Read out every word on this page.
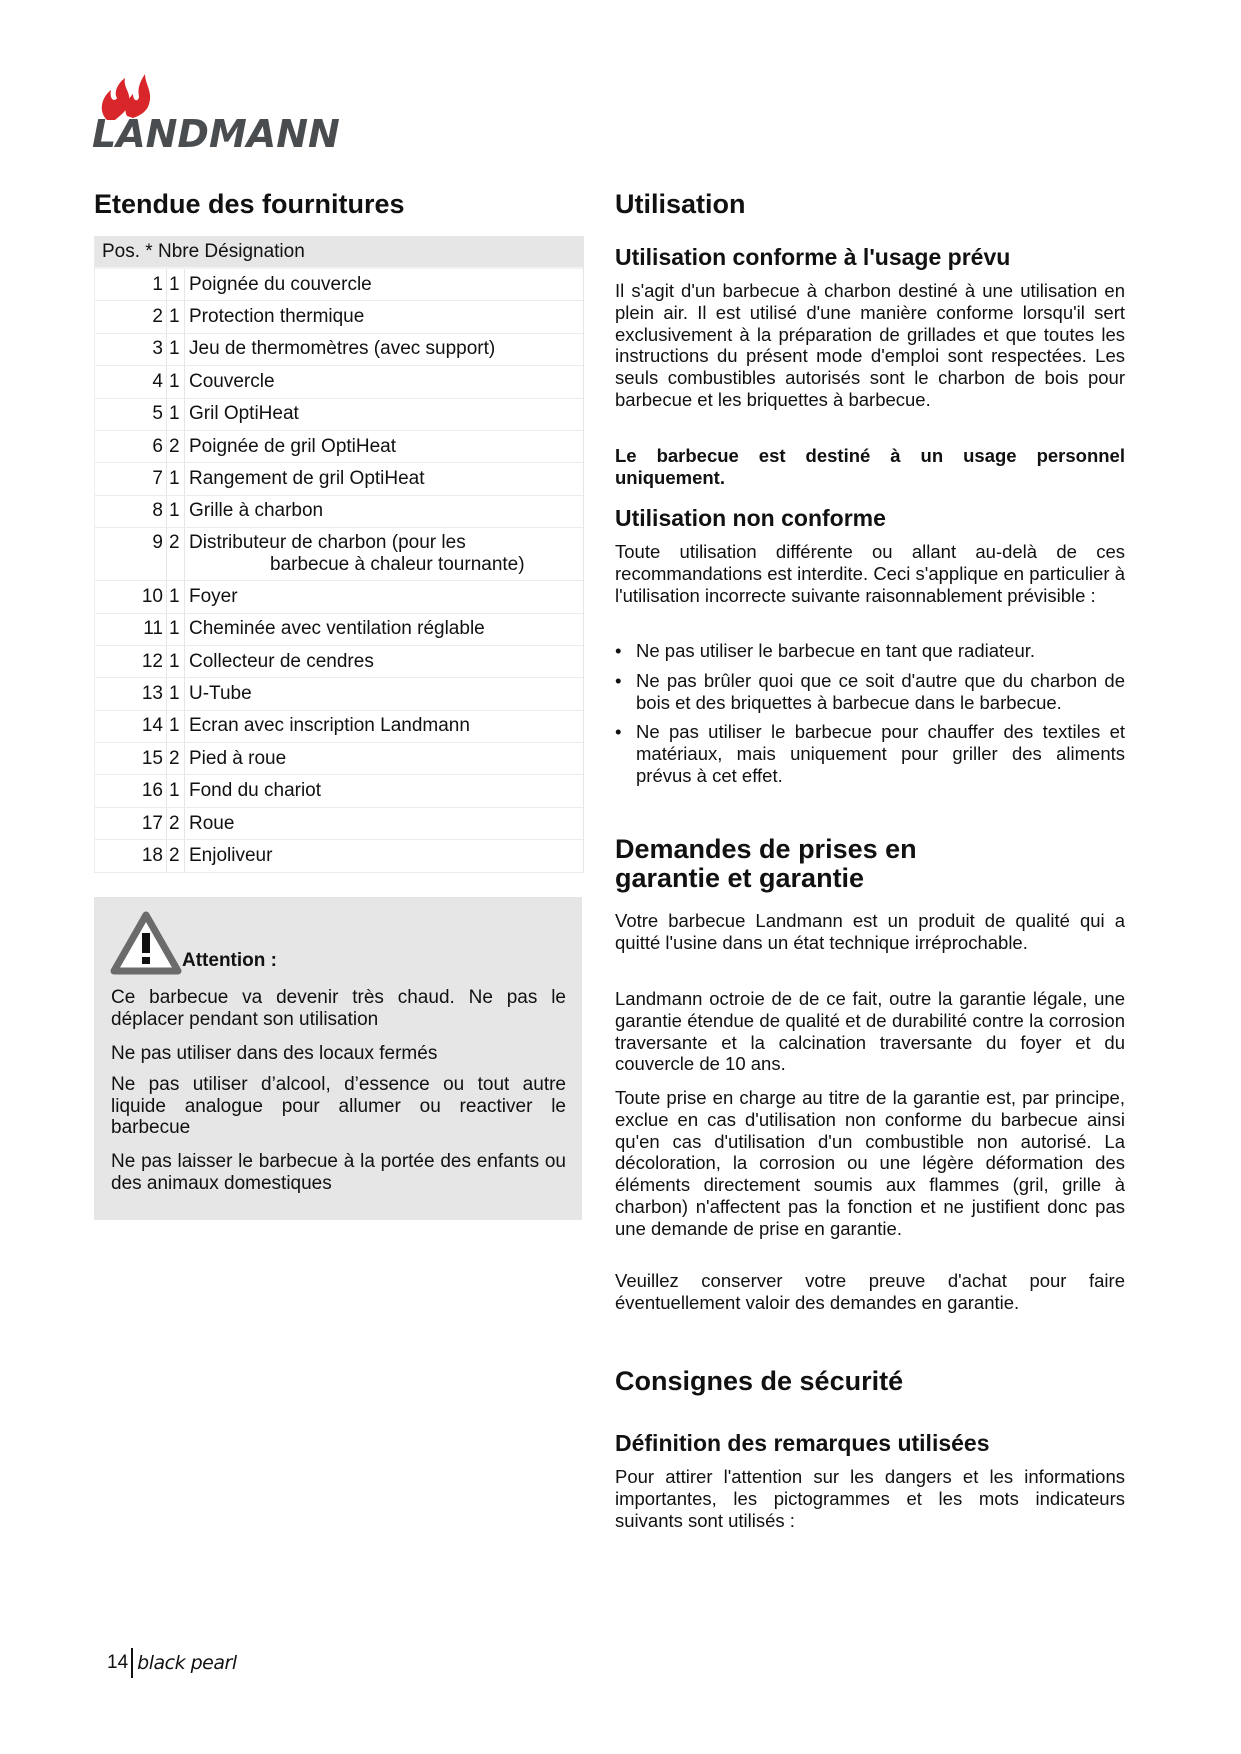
LANDMANN
Etendue des fournitures
Pos. * Nbre Désignation		
1	1	Poignée du couvercle

2	1	Protection thermique

3	1	Jeu de thermomètres (avec support)

4	1	Couvercle

5	1	Gril OptiHeat

6	2	Poignée de gril OptiHeat

7	1	Rangement de gril OptiHeat

8	1	Grille à charbon

9	2	Distributeur de charbon (pour les
barbecue à chaleur tournante)

10	1	Foyer

11	1	Cheminée avec ventilation réglable

12	1	Collecteur de cendres

13	1	U-Tube

14	1	Ecran avec inscription Landmann

15	2	Pied à roue

16	1	Fond du chariot

17	2	Roue

18	2	Enjoliveur
Attention :

Ce barbecue va devenir très chaud. Ne pas le déplacer pendant son utilisation

Ne pas utiliser dans des locaux fermés

Ne pas utiliser d’alcool, d’essence ou tout autre liquide analogue pour allumer ou reactiver le barbecue

Ne pas laisser le barbecue à la portée des enfants ou des animaux domestiques

Utilisation
Utilisation conforme à l'usage prévu

Il s'agit d'un barbecue à charbon destiné à une utilisation en plein air. Il est utilisé d'une manière conforme lorsqu'il sert exclusivement à la préparation de grillades et que toutes les instructions du présent mode d'emploi sont respectées. Les seuls combustibles autorisés sont le charbon de bois pour barbecue et les briquettes à barbecue.

Le barbecue est destiné à un usage personnel uniquement.

Utilisation non conforme

Toute utilisation différente ou allant au-delà de ces recommandations est interdite. Ceci s'applique en particulier à l'utilisation incorrecte suivante raisonnablement prévisible :

• Ne pas utiliser le barbecue en tant que radiateur.
• Ne pas brûler quoi que ce soit d'autre que du charbon de bois et des briquettes à barbecue dans le barbecue.
• Ne pas utiliser le barbecue pour chauffer des textiles et matériaux, mais uniquement pour griller des aliments prévus à cet effet.
Demandes de prises en
garantie et garantie

Votre barbecue Landmann est un produit de qualité qui a quitté l'usine dans un état technique irréprochable.

Landmann octroie de de ce fait, outre la garantie légale, une garantie étendue de qualité et de durabilité contre la corrosion traversante et la calcination traversante du foyer et du couvercle de 10 ans.

Toute prise en charge au titre de la garantie est, par principe, exclue en cas d'utilisation non conforme du barbecue ainsi qu'en cas d'utilisation d'un combustible non autorisé. La décoloration, la corrosion ou une légère déformation des éléments directement soumis aux flammes (gril, grille à charbon) n'affectent pas la fonction et ne justifient donc pas une demande de prise en garantie.

Veuillez conserver votre preuve d'achat pour faire éventuellement valoir des demandes en garantie.

Consignes de sécurité
Définition des remarques utilisées

Pour attirer l'attention sur les dangers et les informations importantes, les pictogrammes et les mots indicateurs suivants sont utilisés :

14 black pearl
